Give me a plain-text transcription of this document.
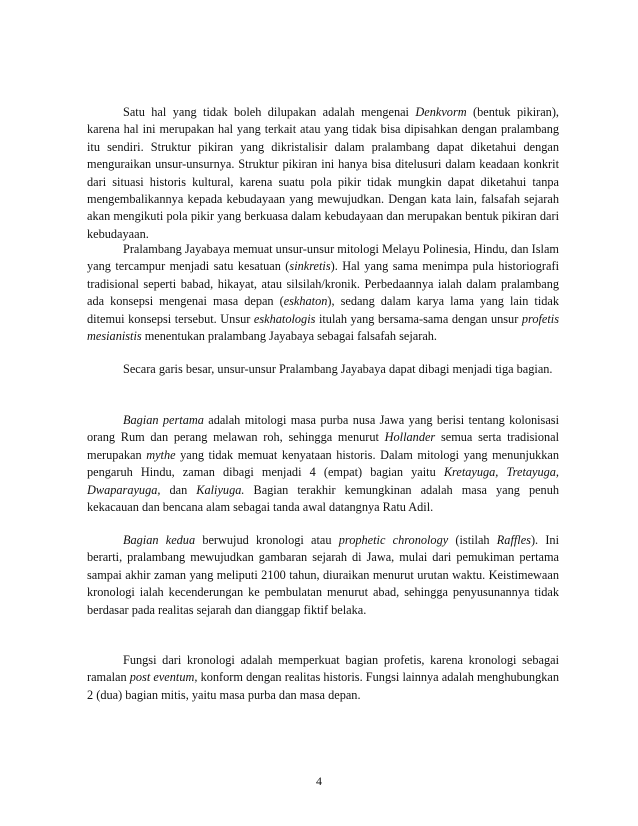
Satu hal yang tidak boleh dilupakan adalah mengenai Denkvorm (bentuk pikiran), karena hal ini merupakan hal yang terkait atau yang tidak bisa dipisahkan dengan pralambang itu sendiri. Struktur pikiran yang dikristalisir dalam pralambang dapat diketahui dengan menguraikan unsur-unsurnya. Struktur pikiran ini hanya bisa ditelusuri dalam keadaan konkrit dari situasi historis kultural, karena suatu pola pikir tidak mungkin dapat diketahui tanpa mengembalikannya kepada kebudayaan yang mewujudkan. Dengan kata lain, falsafah sejarah akan mengikuti pola pikir yang berkuasa dalam kebudayaan dan merupakan bentuk pikiran dari kebudayaan.

Pralambang Jayabaya memuat unsur-unsur mitologi Melayu Polinesia, Hindu, dan Islam yang tercampur menjadi satu kesatuan (sinkretis). Hal yang sama menimpa pula historiografi tradisional seperti babad, hikayat, atau silsilah/kronik. Perbedaannya ialah dalam pralambang ada konsepsi mengenai masa depan (eskhaton), sedang dalam karya lama yang lain tidak ditemui konsepsi tersebut. Unsur eskhatologis itulah yang bersama-sama dengan unsur profetis mesianistis menentukan pralambang Jayabaya sebagai falsafah sejarah.

Secara garis besar, unsur-unsur Pralambang Jayabaya dapat dibagi menjadi tiga bagian.

Bagian pertama adalah mitologi masa purba nusa Jawa yang berisi tentang kolonisasi orang Rum dan perang melawan roh, sehingga menurut Hollander semua serta tradisional merupakan mythe yang tidak memuat kenyataan historis. Dalam mitologi yang menunjukkan pengaruh Hindu, zaman dibagi menjadi 4 (empat) bagian yaitu Kretayuga, Tretayuga, Dwaparayuga, dan Kaliyuga. Bagian terakhir kemungkinan adalah masa yang penuh kekacauan dan bencana alam sebagai tanda awal datangnya Ratu Adil.

Bagian kedua berwujud kronologi atau prophetic chronology (istilah Raffles). Ini berarti, pralambang mewujudkan gambaran sejarah di Jawa, mulai dari pemukiman pertama sampai akhir zaman yang meliputi 2100 tahun, diuraikan menurut urutan waktu. Keistimewaan kronologi ialah kecenderungan ke pembulatan menurut abad, sehingga penyusunannya tidak berdasar pada realitas sejarah dan dianggap fiktif belaka.

Fungsi dari kronologi adalah memperkuat bagian profetis, karena kronologi sebagai ramalan post eventum, konform dengan realitas historis. Fungsi lainnya adalah menghubungkan 2 (dua) bagian mitis, yaitu masa purba dan masa depan.

4
